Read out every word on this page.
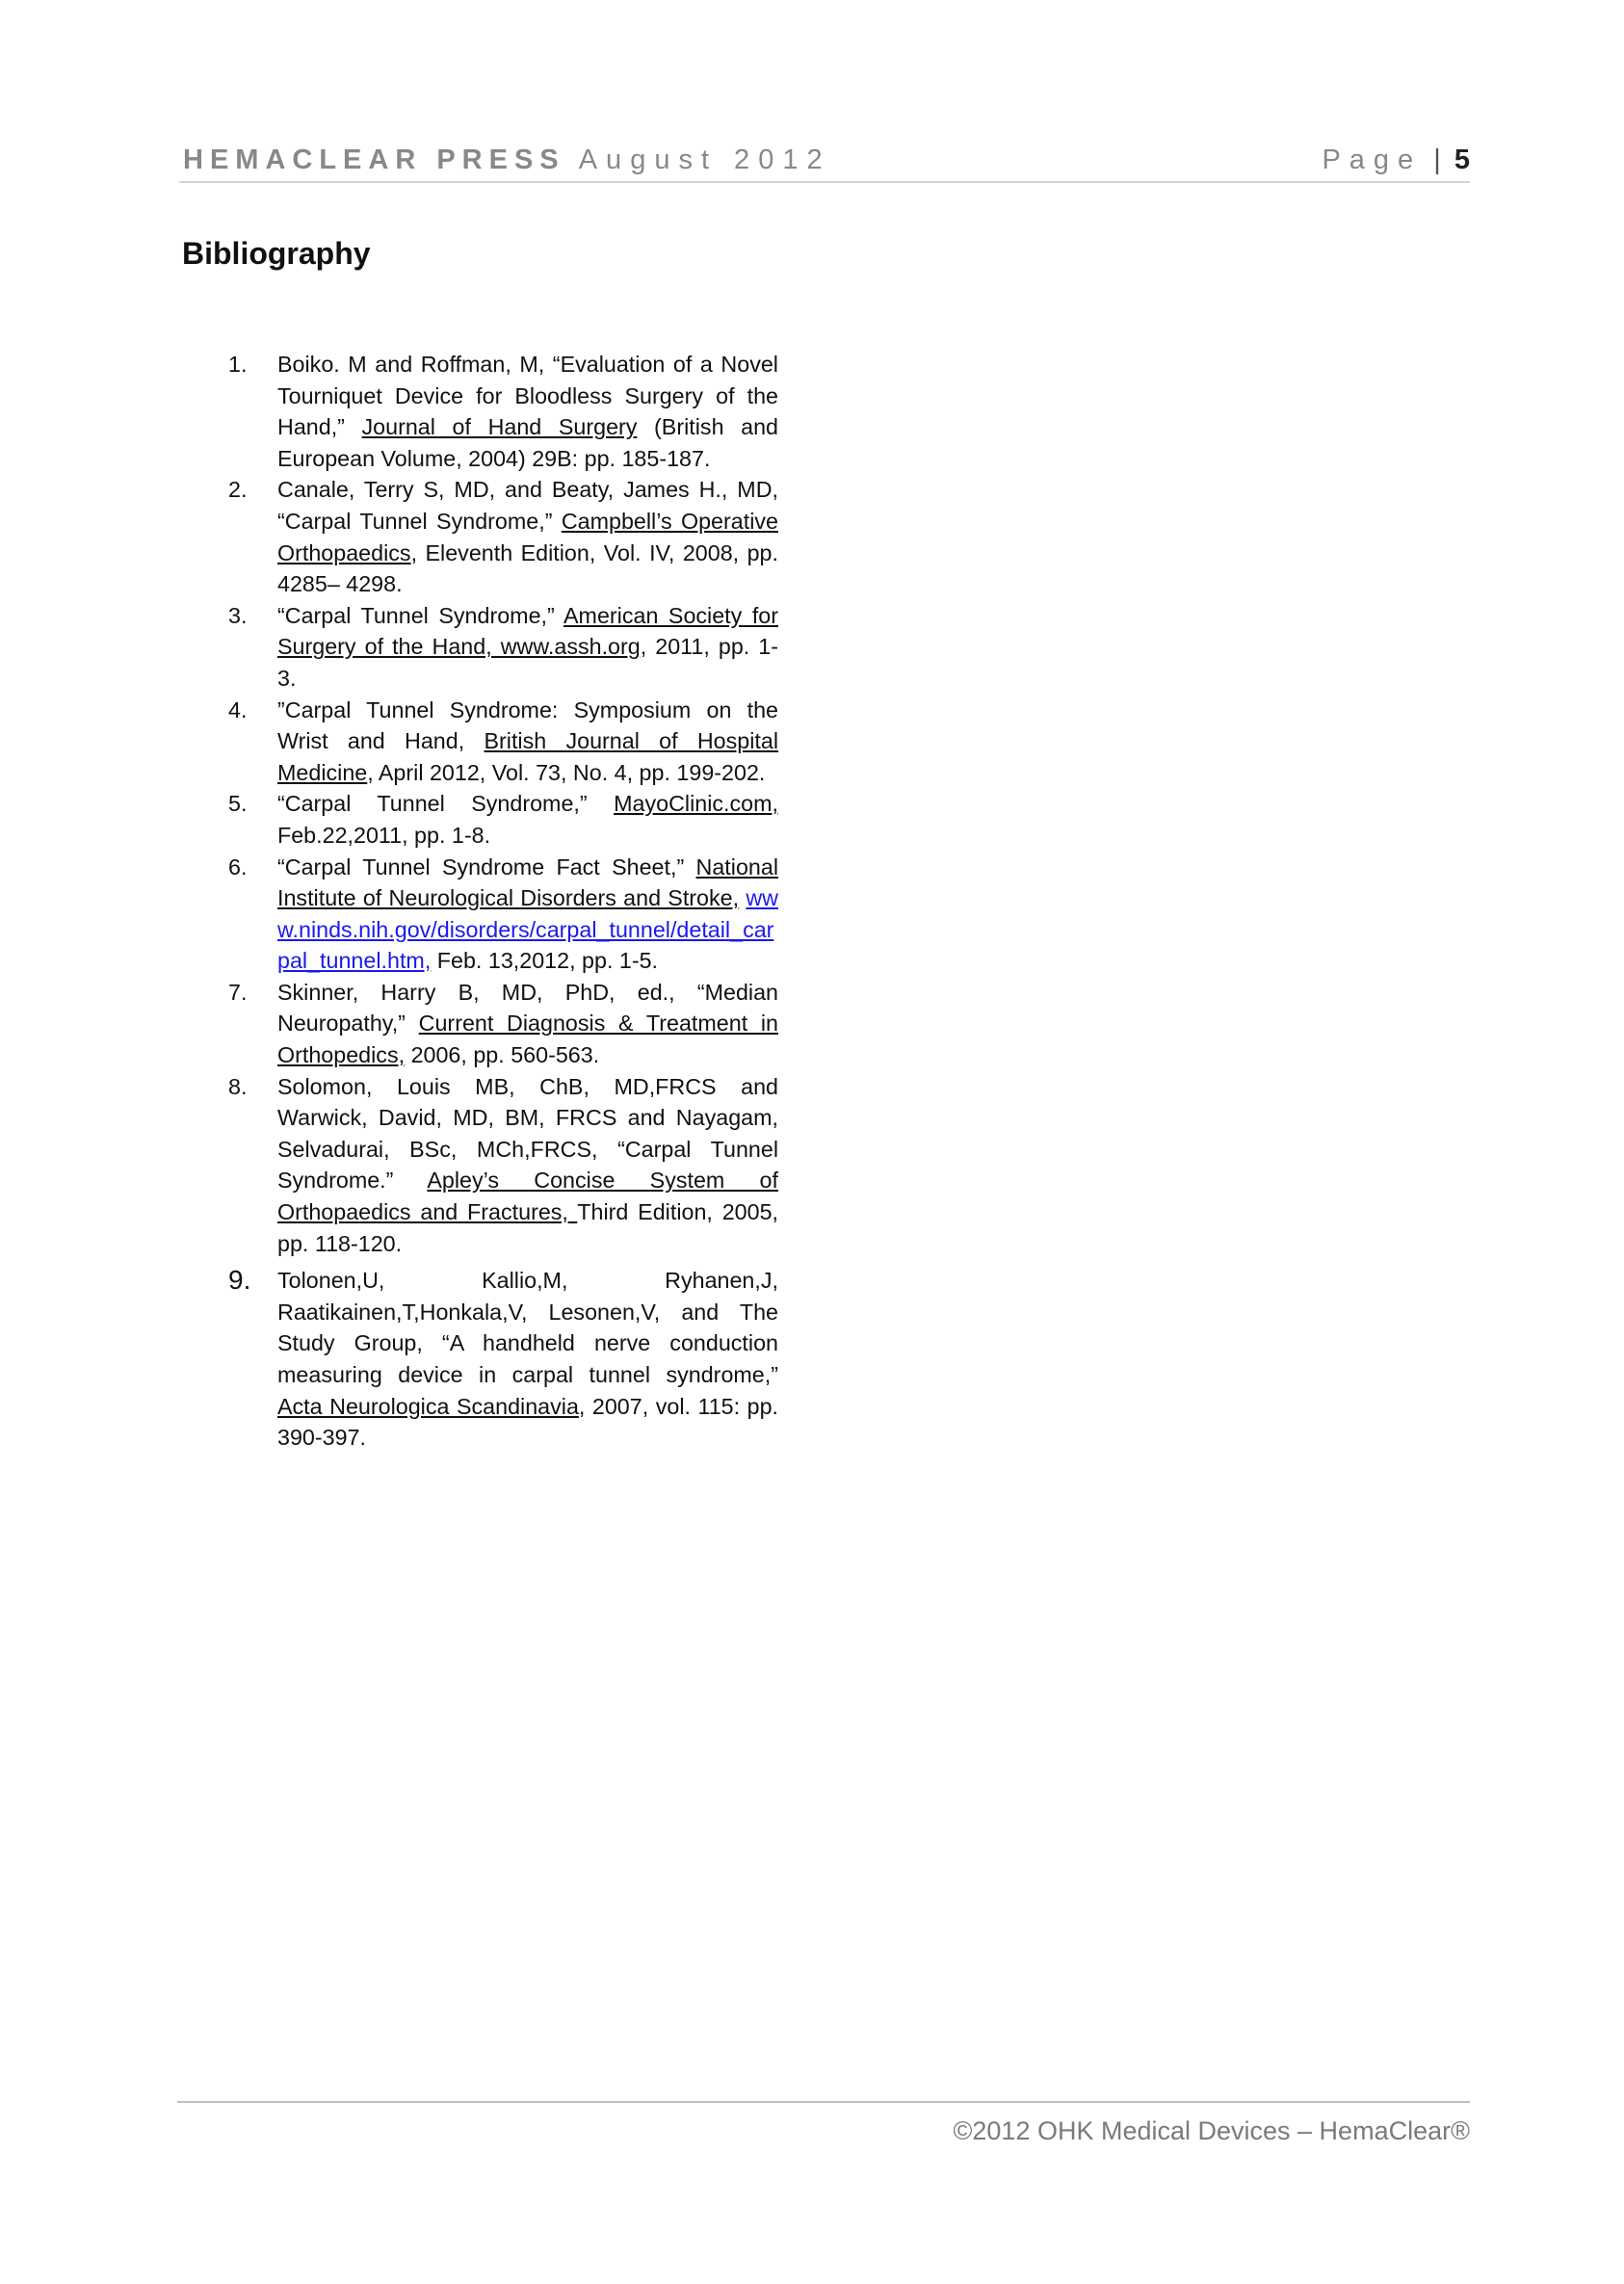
HEMACLEAR PRESS August 2012	Page | 5
Bibliography
1. Boiko. M and Roffman, M, “Evaluation of a Novel Tourniquet Device for Bloodless Surgery of the Hand,” Journal of Hand Surgery (British and European Volume, 2004) 29B: pp. 185-187.
2. Canale, Terry S, MD, and Beaty, James H., MD, “Carpal Tunnel Syndrome,” Campbell’s Operative Orthopaedics, Eleventh Edition, Vol. IV, 2008, pp. 4285– 4298.
3. “Carpal Tunnel Syndrome,” American Society for Surgery of the Hand, www.assh.org, 2011, pp. 1-3.
4. ”Carpal Tunnel Syndrome: Symposium on the Wrist and Hand, British Journal of Hospital Medicine, April 2012, Vol. 73, No. 4, pp. 199-202.
5. “Carpal Tunnel Syndrome,” MayoClinic.com, Feb.22,2011, pp. 1-8.
6. “Carpal Tunnel Syndrome Fact Sheet,” National Institute of Neurological Disorders and Stroke, www.ninds.nih.gov/disorders/carpal_tunnel/detail_carpal_tunnel.htm, Feb. 13,2012, pp. 1-5.
7. Skinner, Harry B, MD, PhD, ed., “Median Neuropathy,” Current Diagnosis & Treatment in Orthopedics, 2006, pp. 560-563.
8. Solomon, Louis MB, ChB, MD,FRCS and Warwick, David, MD, BM, FRCS and Nayagam, Selvadurai, BSc, MCh,FRCS, “Carpal Tunnel Syndrome.” Apley’s Concise System of Orthopaedics and Fractures, Third Edition, 2005, pp. 118-120.
9. Tolonen,U, Kallio,M, Ryhanen,J, Raatikainen,T,Honkala,V, Lesonen,V, and The Study Group, “A handheld nerve conduction measuring device in carpal tunnel syndrome,” Acta Neurologica Scandinavia, 2007, vol. 115: pp. 390-397.
©2012 OHK Medical Devices – HemaClear®
